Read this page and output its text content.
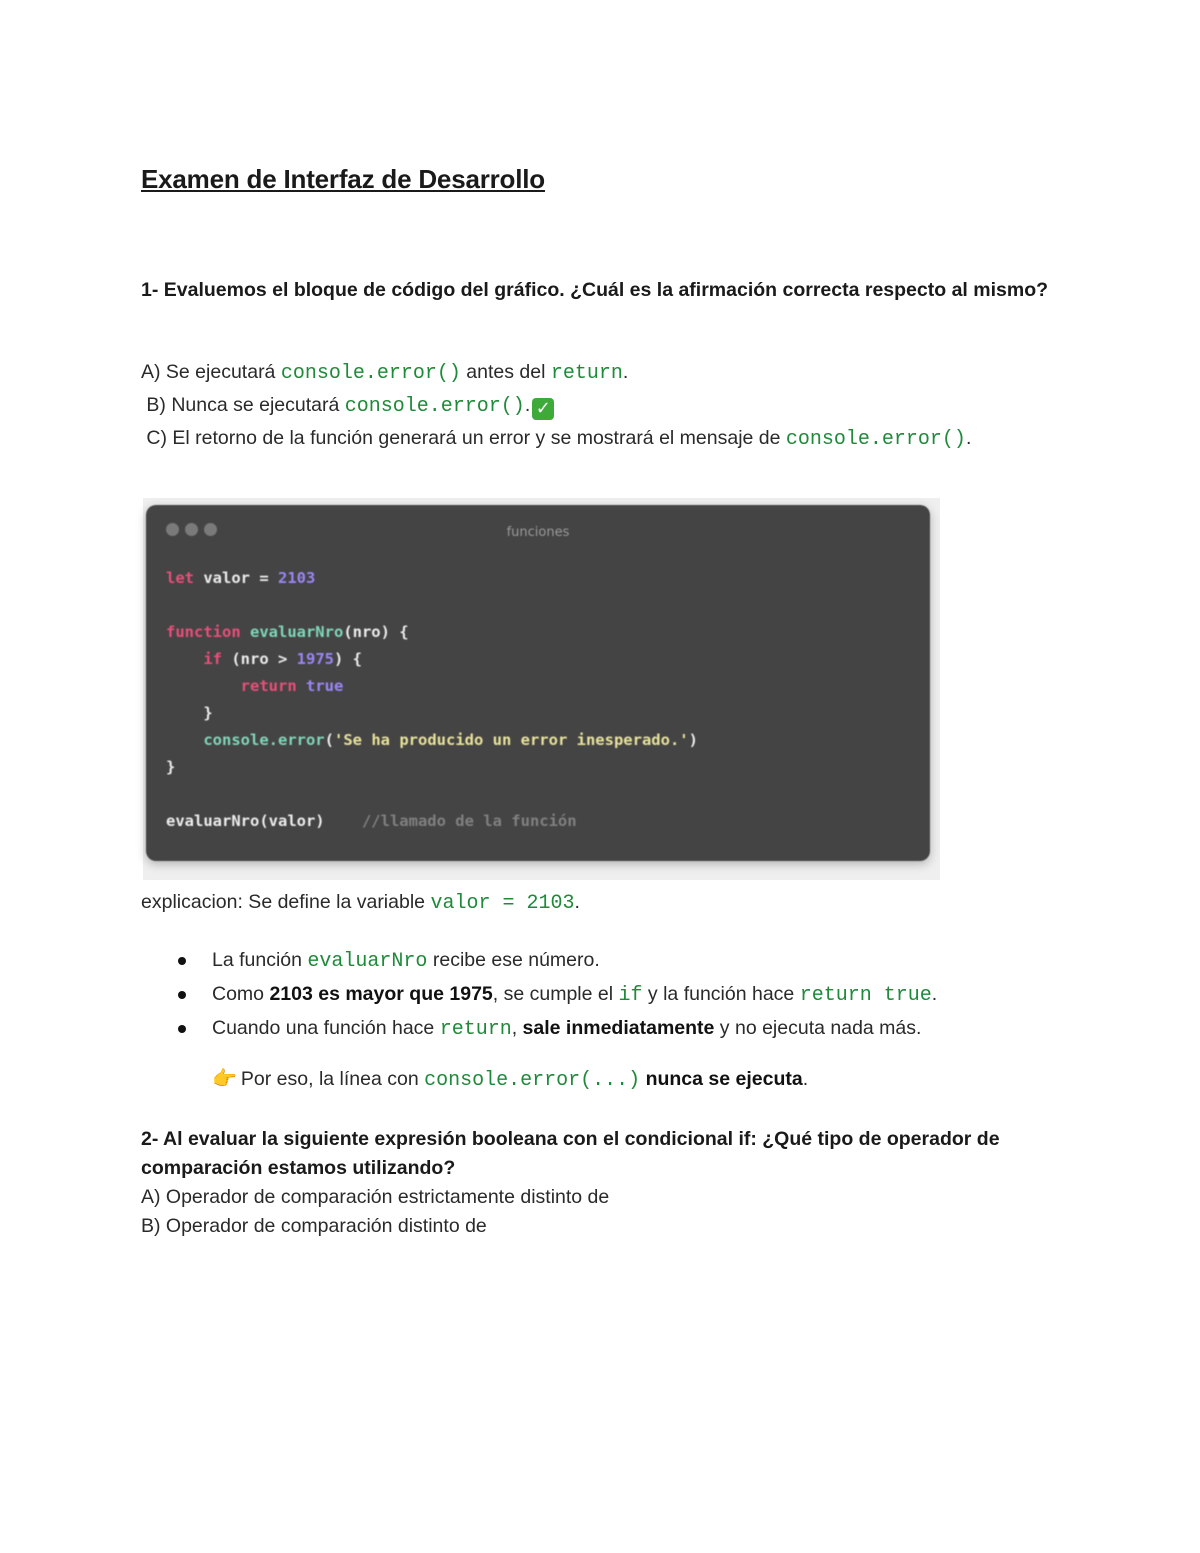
Examen de Interfaz de Desarrollo

1- Evaluemos el bloque de código del gráfico. ¿Cuál es la afirmación correcta respecto al mismo?

A) Se ejecutará console.error() antes del return.

B) Nunca se ejecutará console.error(). ✓

C) El retorno de la función generará un error y se mostrará el mensaje de console.error().

funciones

let valor = 2103

function evaluarNro(nro) {

if (nro > 1975) {

return true

}

console.error('Se ha producido un error inesperado.')

}

evaluarNro(valor) //llamado de la función

explicacion: Se define la variable valor = 2103.

La función evaluarNro recibe ese número.
Como 2103 es mayor que 1975, se cumple el if y la función hace return true.
Cuando una función hace return, sale inmediatamente y no ejecuta nada más.

👉 Por eso, la línea con console.error(...) nunca se ejecuta.

2- Al evaluar la siguiente expresión booleana con el condicional if: ¿Qué tipo de operador de comparación estamos utilizando?

A) Operador de comparación estrictamente distinto de

B) Operador de comparación distinto de
